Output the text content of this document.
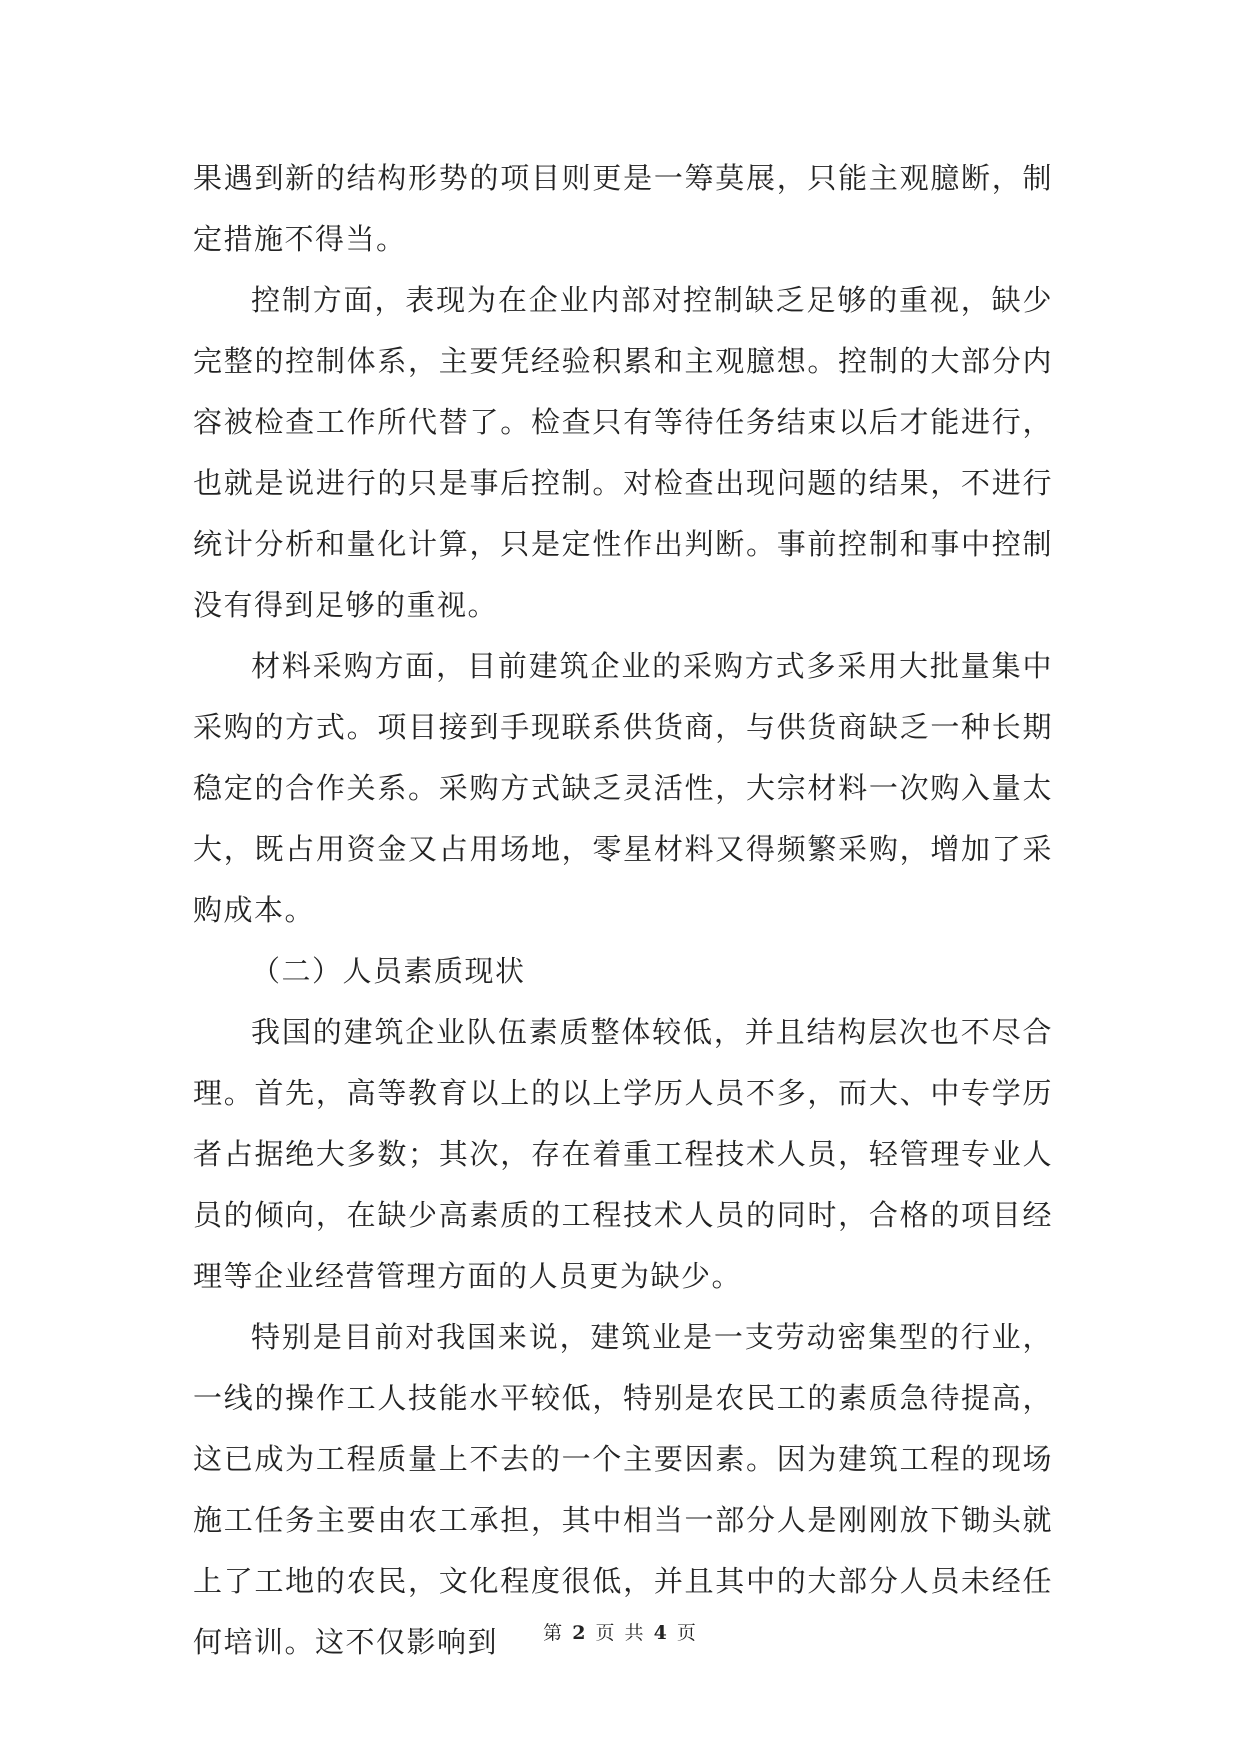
果遇到新的结构形势的项目则更是一筹莫展，只能主观臆断，制定措施不得当。

控制方面，表现为在企业内部对控制缺乏足够的重视，缺少完整的控制体系，主要凭经验积累和主观臆想。控制的大部分内容被检查工作所代替了。检查只有等待任务结束以后才能进行，也就是说进行的只是事后控制。对检查出现问题的结果，不进行统计分析和量化计算，只是定性作出判断。事前控制和事中控制没有得到足够的重视。

材料采购方面，目前建筑企业的采购方式多采用大批量集中采购的方式。项目接到手现联系供货商，与供货商缺乏一种长期稳定的合作关系。采购方式缺乏灵活性，大宗材料一次购入量太大，既占用资金又占用场地，零星材料又得频繁采购，增加了采购成本。

（二）人员素质现状

我国的建筑企业队伍素质整体较低，并且结构层次也不尽合理。首先，高等教育以上的以上学历人员不多，而大、中专学历者占据绝大多数；其次，存在着重工程技术人员，轻管理专业人员的倾向，在缺少高素质的工程技术人员的同时，合格的项目经理等企业经营管理方面的人员更为缺少。

特别是目前对我国来说，建筑业是一支劳动密集型的行业，一线的操作工人技能水平较低，特别是农民工的素质急待提高，这已成为工程质量上不去的一个主要因素。因为建筑工程的现场施工任务主要由农工承担，其中相当一部分人是刚刚放下锄头就上了工地的农民，文化程度很低，并且其中的大部分人员未经任何培训。这不仅影响到	第 2 页 共 4 页
